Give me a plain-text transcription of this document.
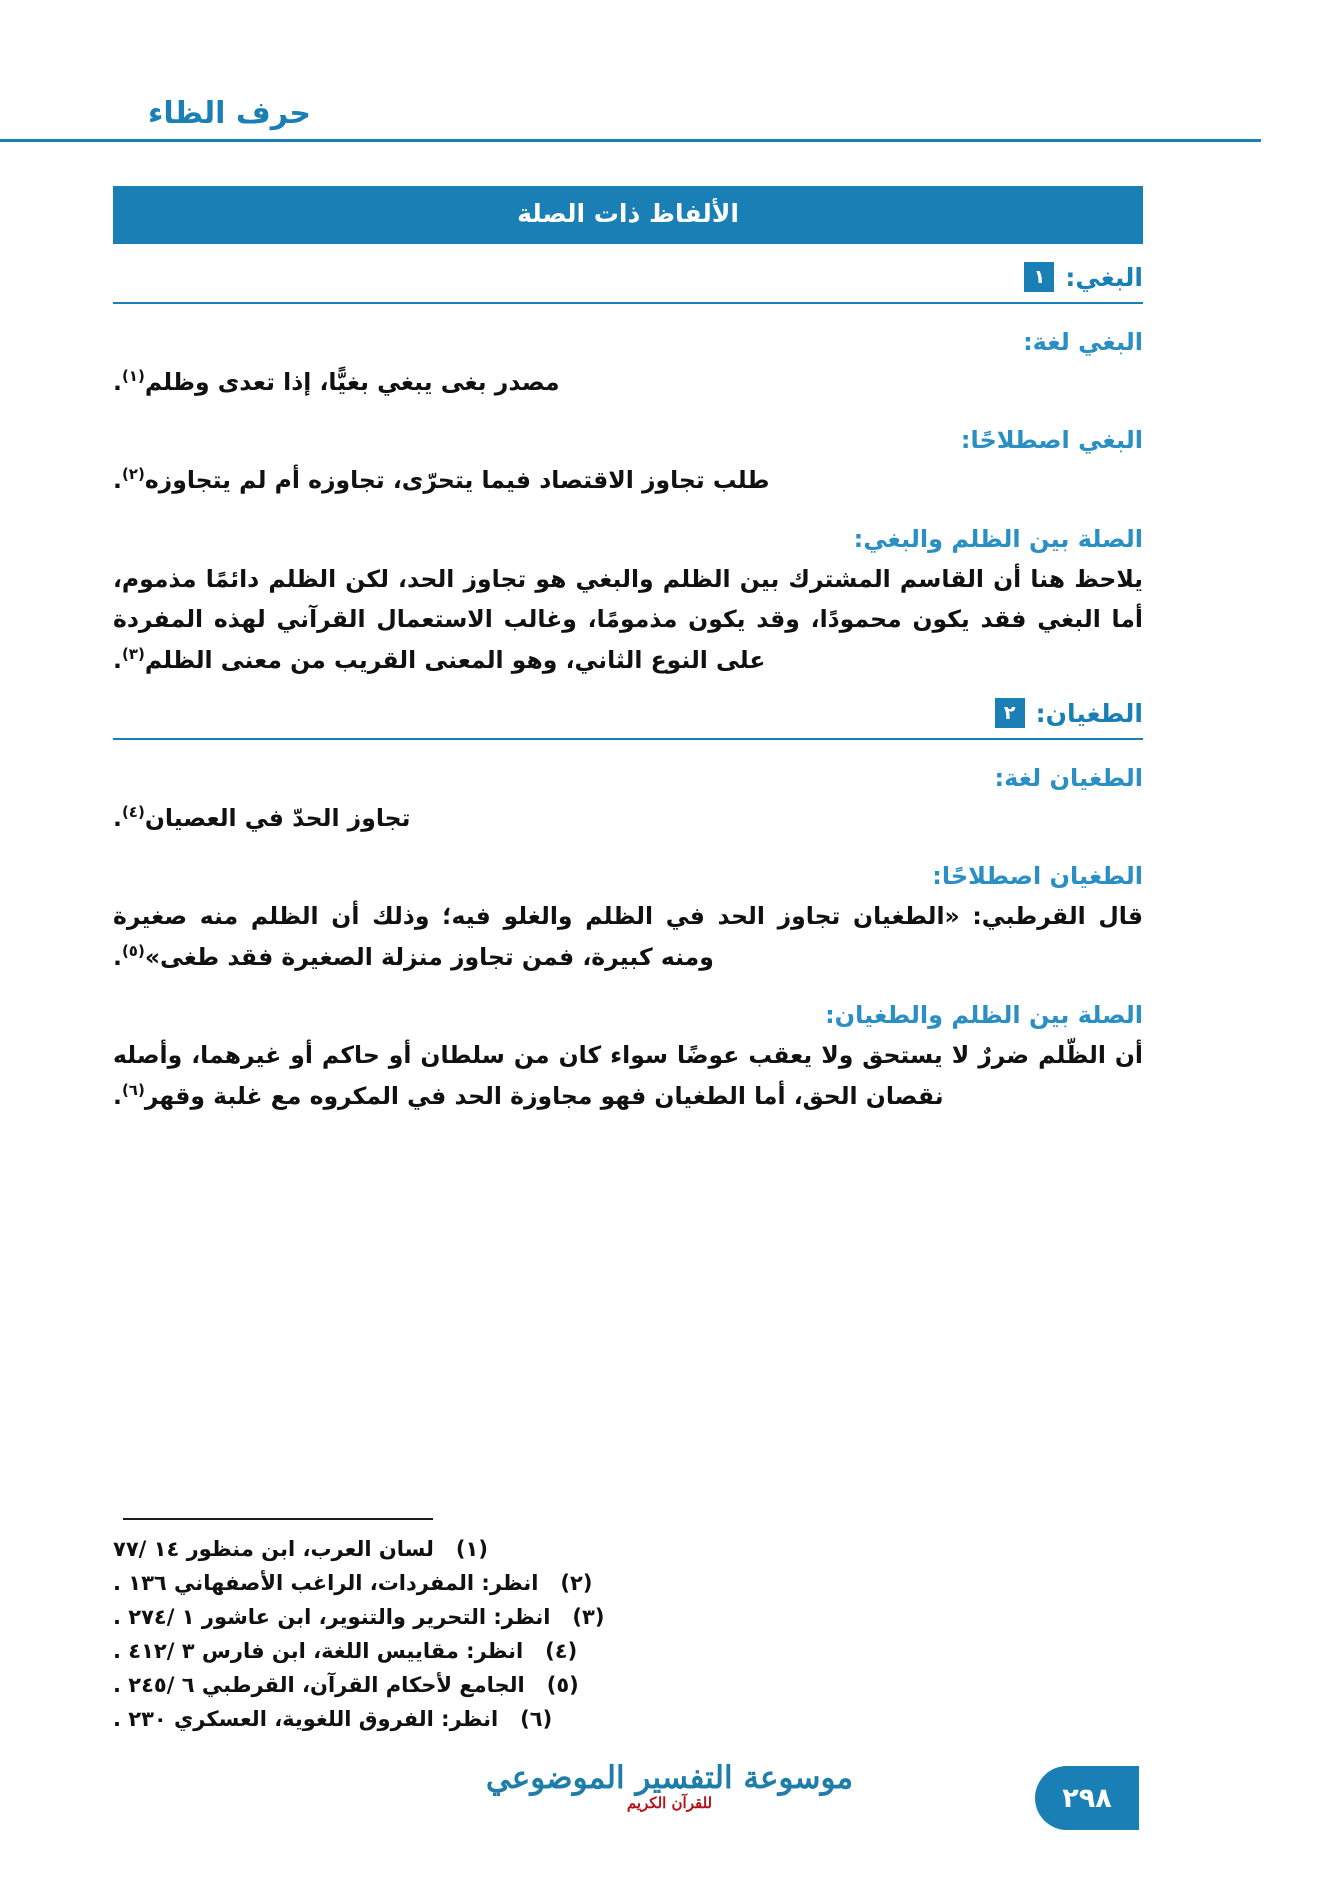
حرف الظاء
الألفاظ ذات الصلة
البغي:
١
البغي لغة:

مصدر بغى يبغي بغيًّا، إذا تعدى وظلم$^{(١)}$.

البغي اصطلاحًا:

طلب تجاوز الاقتصاد فيما يتحرّى، تجاوزه أم لم يتجاوزه$^{(٢)}$.

الصلة بين الظلم والبغي:

يلاحظ هنا أن القاسم المشترك بين الظلم والبغي هو تجاوز الحد، لكن الظلم دائمًا مذموم، أما البغي فقد يكون محمودًا، وقد يكون مذمومًا، وغالب الاستعمال القرآني لهذه المفردة على النوع الثاني، وهو المعنى القريب من معنى الظلم$^{(٣)}$.

الطغيان:
٢
الطغيان لغة:

تجاوز الحدّ في العصيان$^{(٤)}$.

الطغيان اصطلاحًا:

قال القرطبي: «الطغيان تجاوز الحد في الظلم والغلو فيه؛ وذلك أن الظلم منه صغيرة ومنه كبيرة، فمن تجاوز منزلة الصغيرة فقد طغى»$^{(٥)}$.

الصلة بين الظلم والطغيان:

أن الظّلم ضررٌ لا يستحق ولا يعقب عوضًا سواء كان من سلطان أو حاكم أو غيرهما، وأصله نقصان الحق، أما الطغيان فهو مجاوزة الحد في المكروه مع غلبة وقهر$^{(٦)}$.

(١)
لسان العرب، ابن منظور ١٤ /٧٧
(٢)
انظر: المفردات، الراغب الأصفهاني ١٣٦ .
(٣)
انظر: التحرير والتنوير، ابن عاشور ١ /٢٧٤ .
(٤)
انظر: مقاييس اللغة، ابن فارس ٣ /٤١٢ .
(٥)
الجامع لأحكام القرآن، القرطبي ٦ /٢٤٥ .
(٦)
انظر: الفروق اللغوية، العسكري ٢٣٠ .
موسوعة التفسير الموضوعي
للقرآن الكريم	٢٩٨
